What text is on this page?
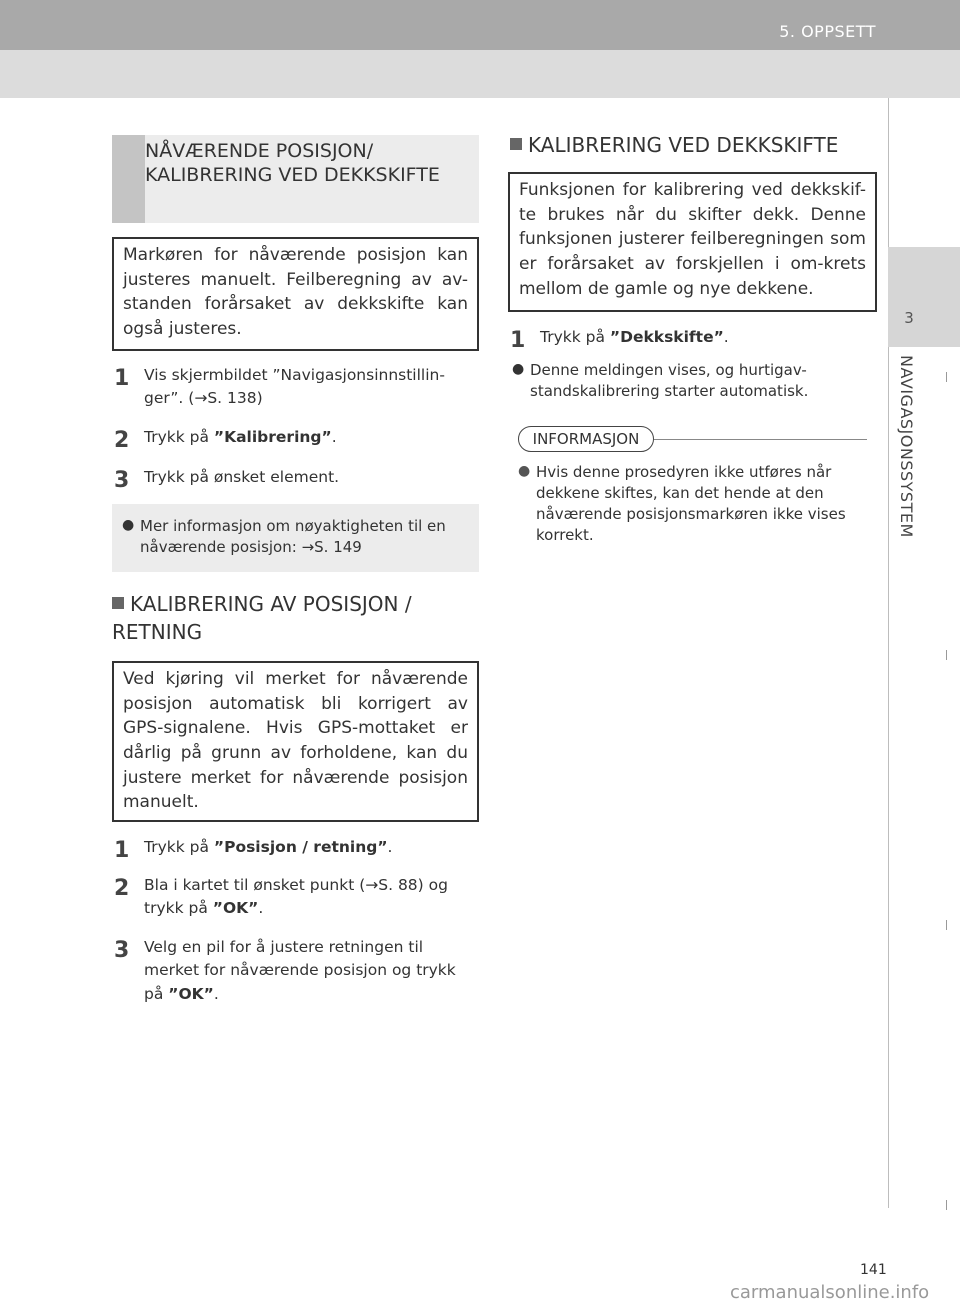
5. OPPSETT
3
NAVIGASJONSSYSTEM
NÅVÆRENDE POSISJON/ KALIBRERING VED DEKKSKIFTE
Markøren for nåværende posisjon kan justeres manuelt. Feilberegning av av-standen forårsaket av dekkskifte kan også justeres.
1 Vis skjermbildet ”Navigasjonsinnstillin-ger”. (→S. 138)
2 Trykk på ”Kalibrering”.
3 Trykk på ønsket element.
● Mer informasjon om nøyaktigheten til en nåværende posisjon: →S. 149
KALIBRERING AV POSISJON / RETNING
Ved kjøring vil merket for nåværende posisjon automatisk bli korrigert av GPS-signalene. Hvis GPS-mottaket er dårlig på grunn av forholdene, kan du justere merket for nåværende posisjon manuelt.
1 Trykk på ”Posisjon / retning”.
2 Bla i kartet til ønsket punkt (→S. 88) og trykk på ”OK”.
3 Velg en pil for å justere retningen til merket for nåværende posisjon og trykk på ”OK”.
KALIBRERING VED DEKKSKIFTE
Funksjonen for kalibrering ved dekkskif-te brukes når du skifter dekk. Denne funksjonen justerer feilberegningen som er forårsaket av forskjellen i om-krets mellom de gamle og nye dekkene.
1 Trykk på ”Dekkskifte”.
● Denne meldingen vises, og hurtigav-standskalibrering starter automatisk.
INFORMASJON
● Hvis denne prosedyren ikke utføres når dekkene skiftes, kan det hende at den nåværende posisjonsmarkøren ikke vises korrekt.
141
carmanualsonline.info
